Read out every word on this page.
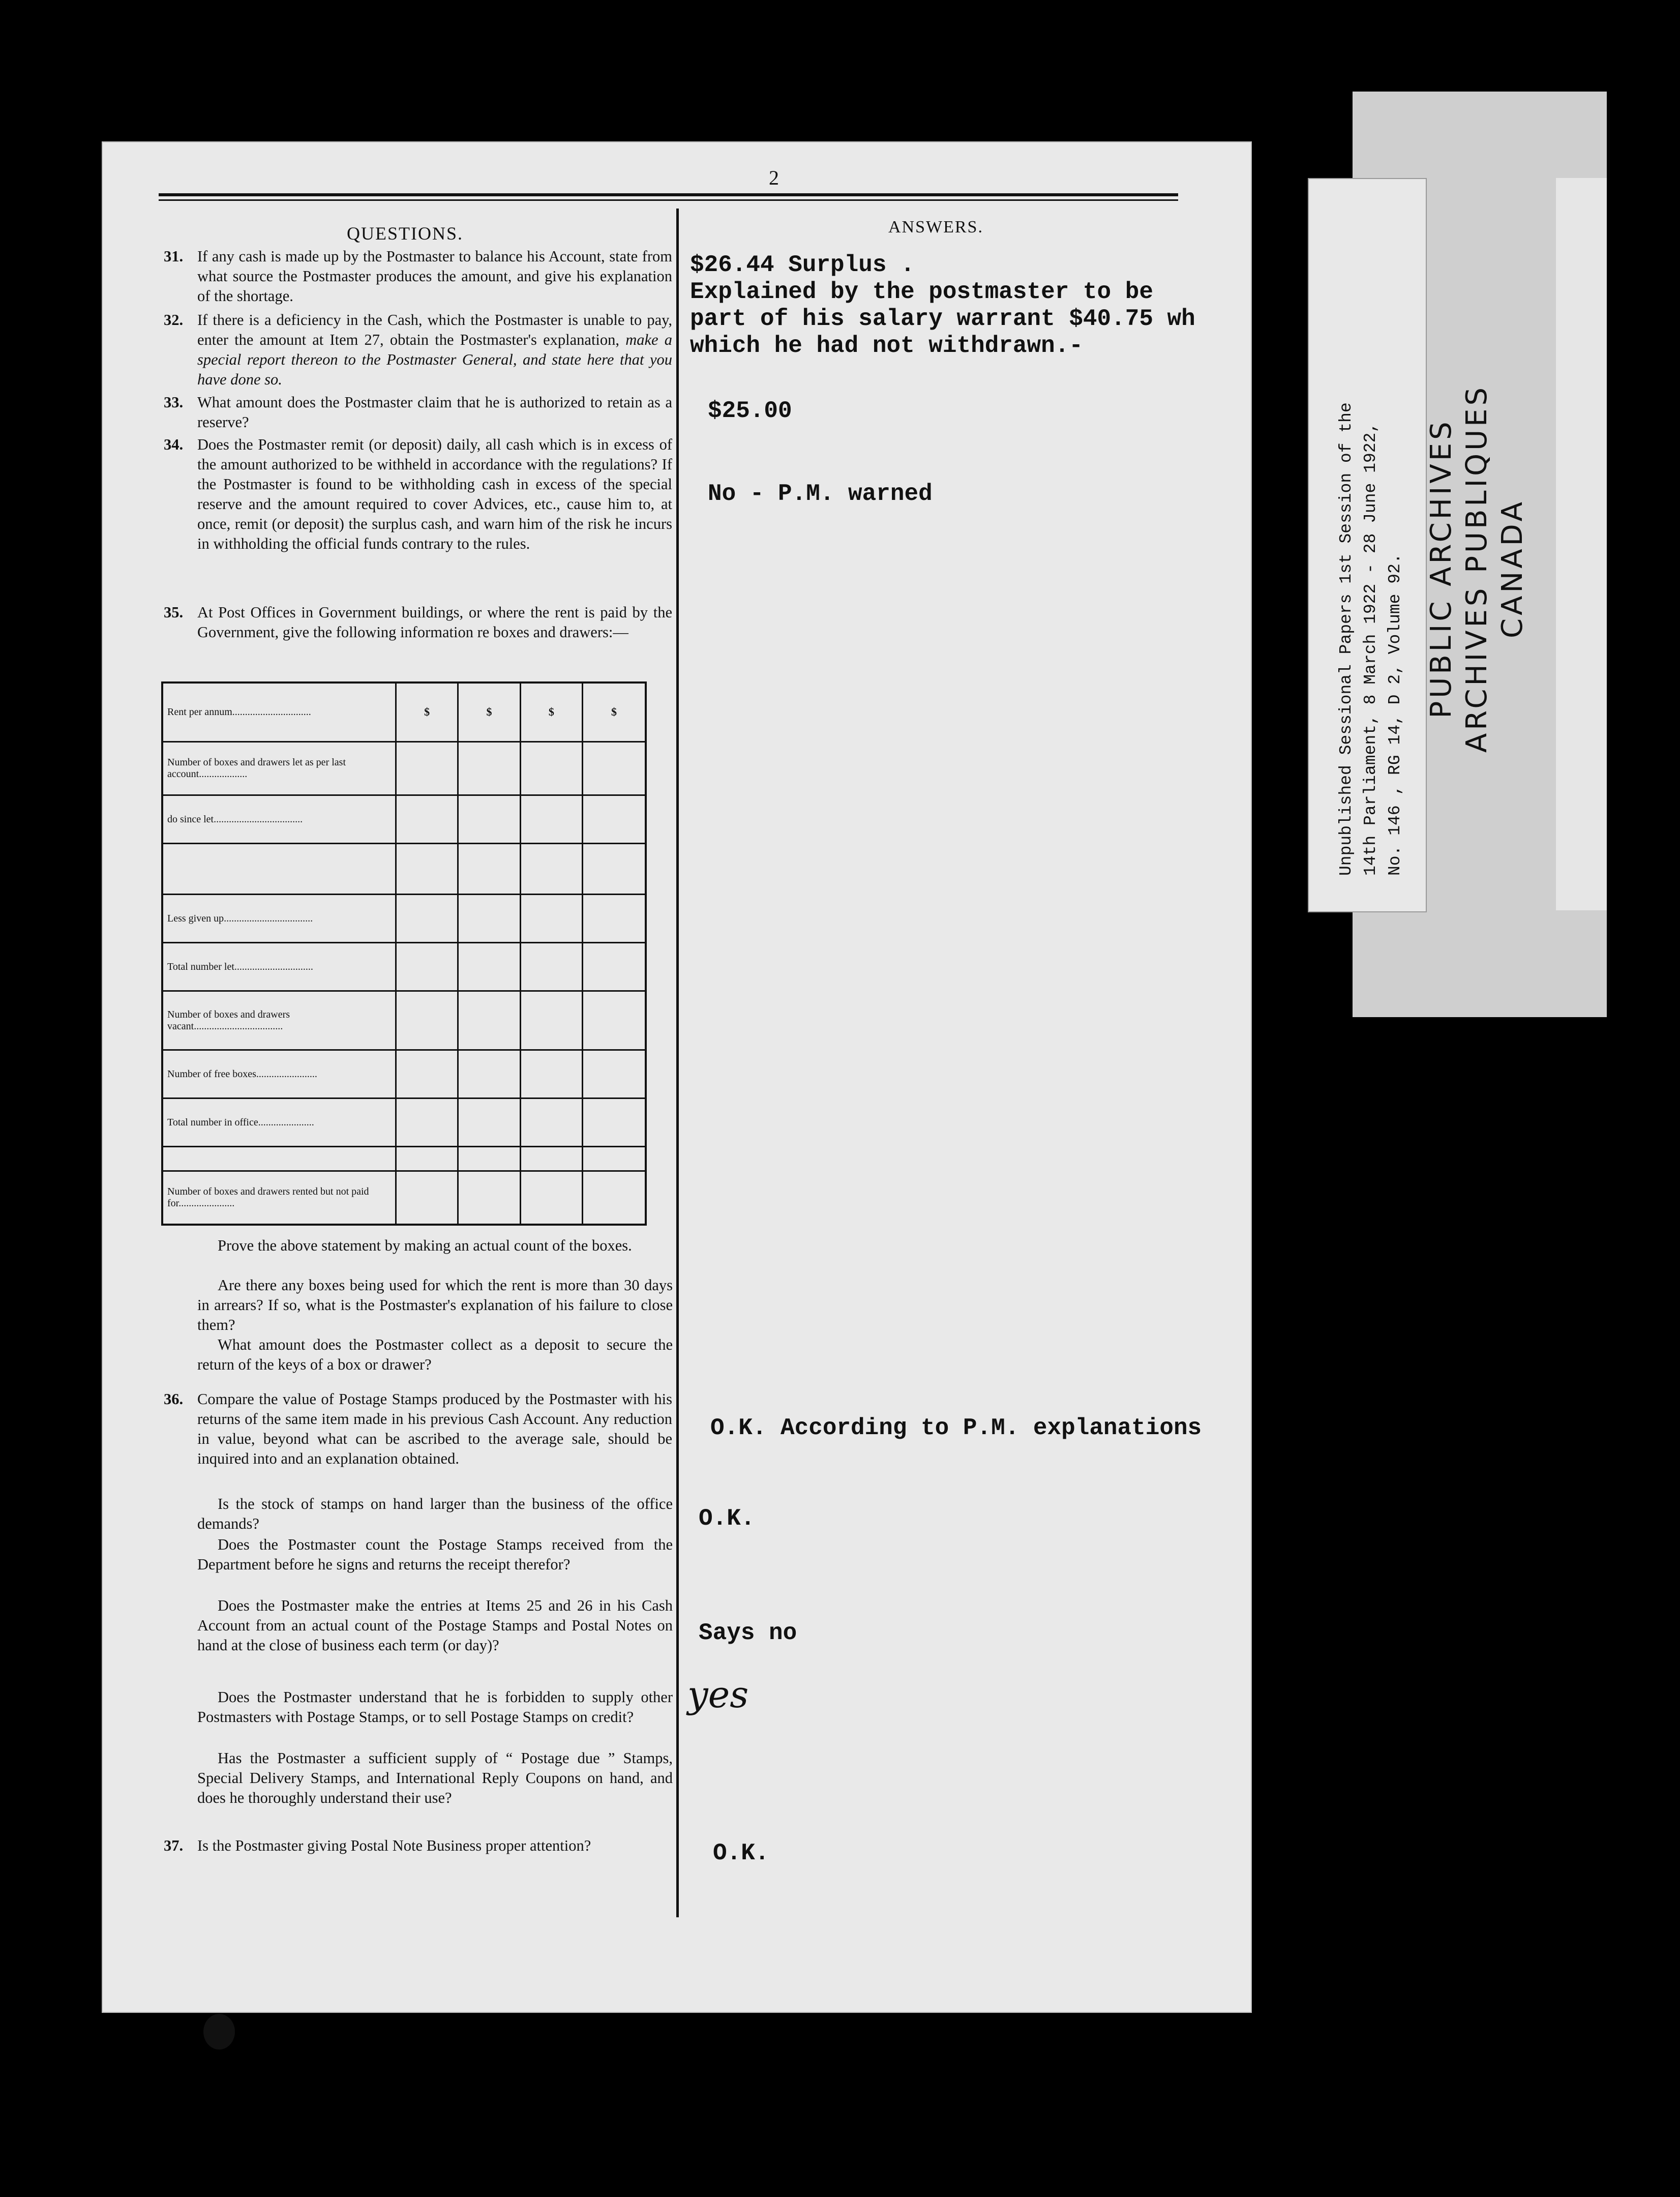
2
QUESTIONS.	ANSWERS.
31. If any cash is made up by the Postmaster to balance his Account, state from what source the Postmaster produces the amount, and give his explanation of the shortage.
32. If there is a deficiency in the Cash, which the Postmaster is unable to pay, enter the amount at Item 27, obtain the Postmaster's explanation, make a special report thereon to the Postmaster General, and state here that you have done so.
33. What amount does the Postmaster claim that he is authorized to retain as a reserve?
34. Does the Postmaster remit (or deposit) daily, all cash which is in excess of the amount authorized to be withheld in accordance with the regulations? If the Postmaster is found to be withholding cash in excess of the special reserve and the amount required to cover Advices, etc., cause him to, at once, remit (or deposit) the surplus cash, and warn him of the risk he incurs in withholding the official funds contrary to the rules.
35. At Post Offices in Government buildings, or where the rent is paid by the Government, give the following information re boxes and drawers:—
Rent per annum...............................	$	$	$	$
Number of boxes and drawers let as per last account...................				
do since let...................................				

Less given up...................................				
Total number let...............................				
Number of boxes and drawers vacant...................................				
Number of free boxes........................				
Total number in office......................				

Number of boxes and drawers rented but not paid for......................				
Prove the above statement by making an actual count of the boxes.
Are there any boxes being used for which the rent is more than 30 days in arrears? If so, what is the Postmaster's explanation of his failure to close them?
What amount does the Postmaster collect as a deposit to secure the return of the keys of a box or drawer?
36. Compare the value of Postage Stamps produced by the Postmaster with his returns of the same item made in his previous Cash Account. Any reduction in value, beyond what can be ascribed to the average sale, should be inquired into and an explanation obtained.
Is the stock of stamps on hand larger than the business of the office demands?
Does the Postmaster count the Postage Stamps received from the Department before he signs and returns the receipt therefor?
Does the Postmaster make the entries at Items 25 and 26 in his Cash Account from an actual count of the Postage Stamps and Postal Notes on hand at the close of business each term (or day)?
Does the Postmaster understand that he is forbidden to supply other Postmasters with Postage Stamps, or to sell Postage Stamps on credit?
Has the Postmaster a sufficient supply of “ Postage due ” Stamps, Special Delivery Stamps, and International Reply Coupons on hand, and does he thoroughly understand their use?
37. Is the Postmaster giving Postal Note Business proper attention?
$26.44 Surplus .
Explained by the postmaster to be
part of his salary warrant $40.75 wh
which he had not withdrawn.-
$25.00
No - P.M. warned
O.K. According to P.M. explanations
O.K.
Says no
yes
O.K.
Unpublished Sessional Papers 1st Session of the 14th Parliament, 8 March 1922 - 28 June 1922, No. 146 , RG 14, D 2, Volume 92. PUBLIC ARCHIVES ARCHIVES PUBLIQUES CANADA
